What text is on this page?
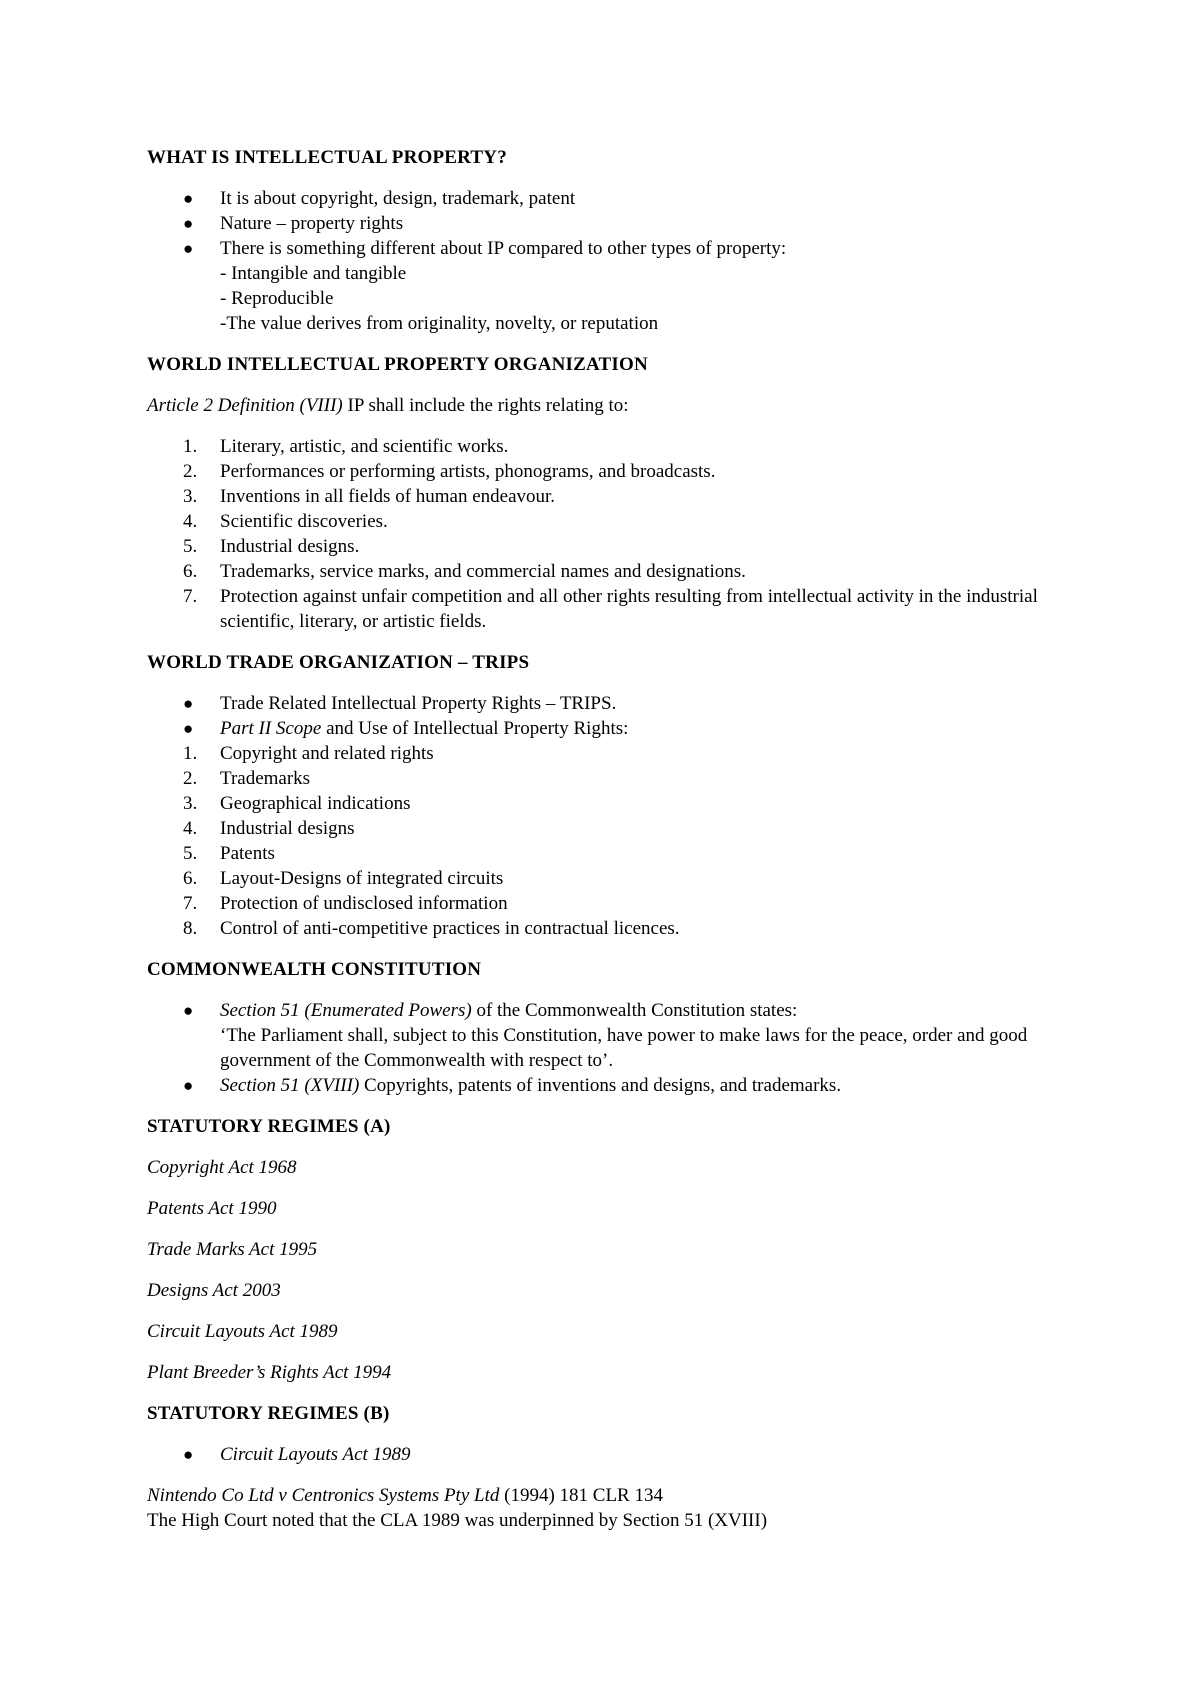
WHAT IS INTELLECTUAL PROPERTY?
● It is about copyright, design, trademark, patent
● Nature – property rights
● There is something different about IP compared to other types of property:
- Intangible and tangible
- Reproducible
-The value derives from originality, novelty, or reputation
WORLD INTELLECTUAL PROPERTY ORGANIZATION

Article 2 Definition (VIII) IP shall include the rights relating to:

1. Literary, artistic, and scientific works.
2. Performances or performing artists, phonograms, and broadcasts.
3. Inventions in all fields of human endeavour.
4. Scientific discoveries.
5. Industrial designs.
6. Trademarks, service marks, and commercial names and designations.
7. Protection against unfair competition and all other rights resulting from intellectual activity in the industrial scientific, literary, or artistic fields.
WORLD TRADE ORGANIZATION – TRIPS
● Trade Related Intellectual Property Rights – TRIPS.
● Part II Scope and Use of Intellectual Property Rights:
1. Copyright and related rights
2. Trademarks
3. Geographical indications
4. Industrial designs
5. Patents
6. Layout-Designs of integrated circuits
7. Protection of undisclosed information
8. Control of anti-competitive practices in contractual licences.
COMMONWEALTH CONSTITUTION
● Section 51 (Enumerated Powers) of the Commonwealth Constitution states:
‘The Parliament shall, subject to this Constitution, have power to make laws for the peace, order and good government of the Commonwealth with respect to’.
● Section 51 (XVIII) Copyrights, patents of inventions and designs, and trademarks.
STATUTORY REGIMES (A)

Copyright Act 1968

Patents Act 1990

Trade Marks Act 1995

Designs Act 2003

Circuit Layouts Act 1989

Plant Breeder’s Rights Act 1994

STATUTORY REGIMES (B)
● Circuit Layouts Act 1989

Nintendo Co Ltd v Centronics Systems Pty Ltd (1994) 181 CLR 134

The High Court noted that the CLA 1989 was underpinned by Section 51 (XVIII)
